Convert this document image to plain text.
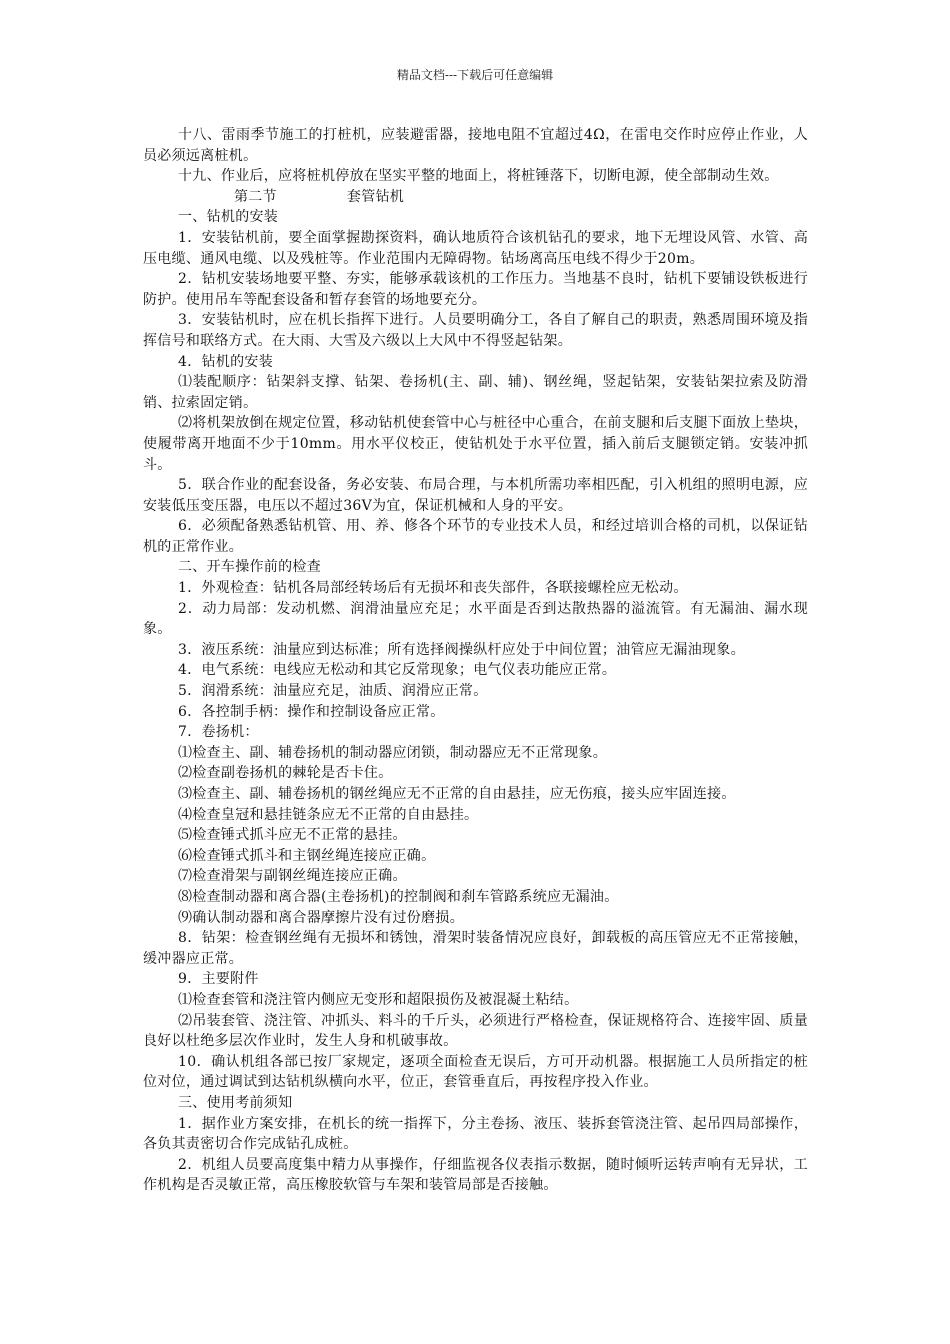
精品文档---下载后可任意编辑

十八、雷雨季节施工的打桩机，应装避雷器，接地电阻不宜超过4Ω，在雷电交作时应停止作业，人员必须远离桩机。

十九、作业后，应将桩机停放在坚实平整的地面上，将桩锤落下，切断电源，使全部制动生效。

第二节	套管钻机

一、钻机的安装

1．安装钻机前，要全面掌握勘探资料，确认地质符合该机钻孔的要求，地下无埋设风管、水管、高压电缆、通风电缆、以及残桩等。作业范围内无障碍物。钻场离高压电线不得少于20m。

2．钻机安装场地要平整、夯实，能够承载该机的工作压力。当地基不良时，钻机下要铺设铁板进行防护。使用吊车等配套设备和暂存套管的场地要充分。

3．安装钻机时，应在机长指挥下进行。人员要明确分工，各自了解自己的职责，熟悉周围环境及指挥信号和联络方式。在大雨、大雪及六级以上大风中不得竖起钻架。

4．钻机的安装

⑴装配顺序：钻架斜支撑、钻架、卷扬机(主、副、辅)、钢丝绳，竖起钻架，安装钻架拉索及防滑销、拉索固定销。

⑵将机架放倒在规定位置，移动钻机使套管中心与桩径中心重合，在前支腿和后支腿下面放上垫块，使履带离开地面不少于10mm。用水平仪校正，使钻机处于水平位置，插入前后支腿锁定销。安装冲抓斗。

5．联合作业的配套设备，务必安装、布局合理，与本机所需功率相匹配，引入机组的照明电源，应安装低压变压器，电压以不超过36V为宜，保证机械和人身的平安。

6．必须配备熟悉钻机管、用、养、修各个环节的专业技术人员，和经过培训合格的司机，以保证钻机的正常作业。

二、开车操作前的检查

1．外观检查：钻机各局部经转场后有无损坏和丧失部件，各联接螺栓应无松动。

2．动力局部：发动机燃、润滑油量应充足；水平面是否到达散热器的溢流管。有无漏油、漏水现象。

3．液压系统：油量应到达标准；所有选择阀操纵杆应处于中间位置；油管应无漏油现象。

4．电气系统：电线应无松动和其它反常现象；电气仪表功能应正常。

5．润滑系统：油量应充足，油质、润滑应正常。

6．各控制手柄：操作和控制设备应正常。

7．卷扬机：

⑴检查主、副、辅卷扬机的制动器应闭锁，制动器应无不正常现象。

⑵检查副卷扬机的棘轮是否卡住。

⑶检查主、副、辅卷扬机的钢丝绳应无不正常的自由悬挂，应无伤痕，接头应牢固连接。

⑷检查皇冠和悬挂链条应无不正常的自由悬挂。

⑸检查锤式抓斗应无不正常的悬挂。

⑹检查锤式抓斗和主钢丝绳连接应正确。

⑺检查滑架与副钢丝绳连接应正确。

⑻检查制动器和离合器(主卷扬机)的控制阀和刹车管路系统应无漏油。

⑼确认制动器和离合器摩擦片没有过份磨损。

8．钻架：检查钢丝绳有无损坏和锈蚀，滑架时装备情况应良好，卸载板的高压管应无不正常接触，缓冲器应正常。

9．主要附件

⑴检查套管和浇注管内侧应无变形和超限损伤及被混凝土粘结。

⑵吊装套管、浇注管、冲抓头、料斗的千斤头，必须进行严格检查，保证规格符合、连接牢固、质量良好以杜绝多层次作业时，发生人身和机破事故。

10．确认机组各部已按厂家规定，逐项全面检查无误后，方可开动机器。根据施工人员所指定的桩位对位，通过调试到达钻机纵横向水平，位正，套管垂直后，再按程序投入作业。

三、使用考前须知

1．据作业方案安排，在机长的统一指挥下，分主卷扬、液压、装拆套管浇注管、起吊四局部操作，各负其责密切合作完成钻孔成桩。

2．机组人员要高度集中精力从事操作，仔细监视各仪表指示数据，随时倾听运转声响有无异状，工作机构是否灵敏正常，高压橡胶软管与车架和装管局部是否接触。
